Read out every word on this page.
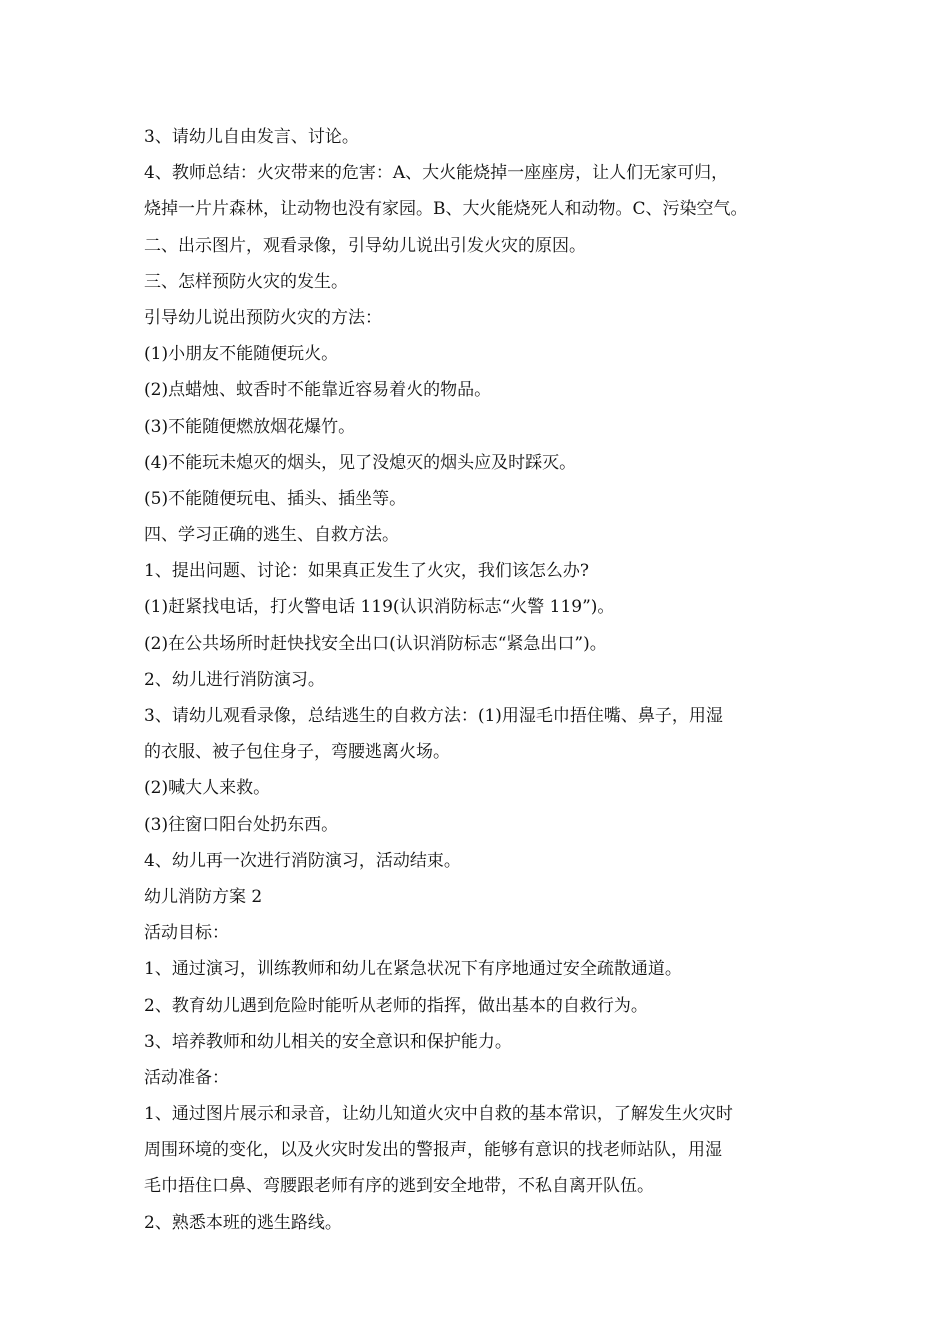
3、请幼儿自由发言、讨论。
4、教师总结：火灾带来的危害：A、大火能烧掉一座座房，让人们无家可归，
烧掉一片片森林，让动物也没有家园。B、大火能烧死人和动物。C、污染空气。
二、出示图片，观看录像，引导幼儿说出引发火灾的原因。
三、怎样预防火灾的发生。
引导幼儿说出预防火灾的方法：
(1)小朋友不能随便玩火。
(2)点蜡烛、蚊香时不能靠近容易着火的物品。
(3)不能随便燃放烟花爆竹。
(4)不能玩未熄灭的烟头，见了没熄灭的烟头应及时踩灭。
(5)不能随便玩电、插头、插坐等。
四、学习正确的逃生、自救方法。
1、提出问题、讨论：如果真正发生了火灾，我们该怎么办?
(1)赶紧找电话，打火警电话 119(认识消防标志“火警 119”)。
(2)在公共场所时赶快找安全出口(认识消防标志“紧急出口”)。
2、幼儿进行消防演习。
3、请幼儿观看录像，总结逃生的自救方法：(1)用湿毛巾捂住嘴、鼻子，用湿
的衣服、被子包住身子，弯腰逃离火场。
(2)喊大人来救。
(3)往窗口阳台处扔东西。
4、幼儿再一次进行消防演习，活动结束。
幼儿消防方案 2
活动目标：
1、通过演习，训练教师和幼儿在紧急状况下有序地通过安全疏散通道。
2、教育幼儿遇到危险时能听从老师的指挥，做出基本的自救行为。
3、培养教师和幼儿相关的安全意识和保护能力。
活动准备：
1、通过图片展示和录音，让幼儿知道火灾中自救的基本常识，了解发生火灾时
周围环境的变化，以及火灾时发出的警报声，能够有意识的找老师站队，用湿
毛巾捂住口鼻、弯腰跟老师有序的逃到安全地带，不私自离开队伍。
2、熟悉本班的逃生路线。
